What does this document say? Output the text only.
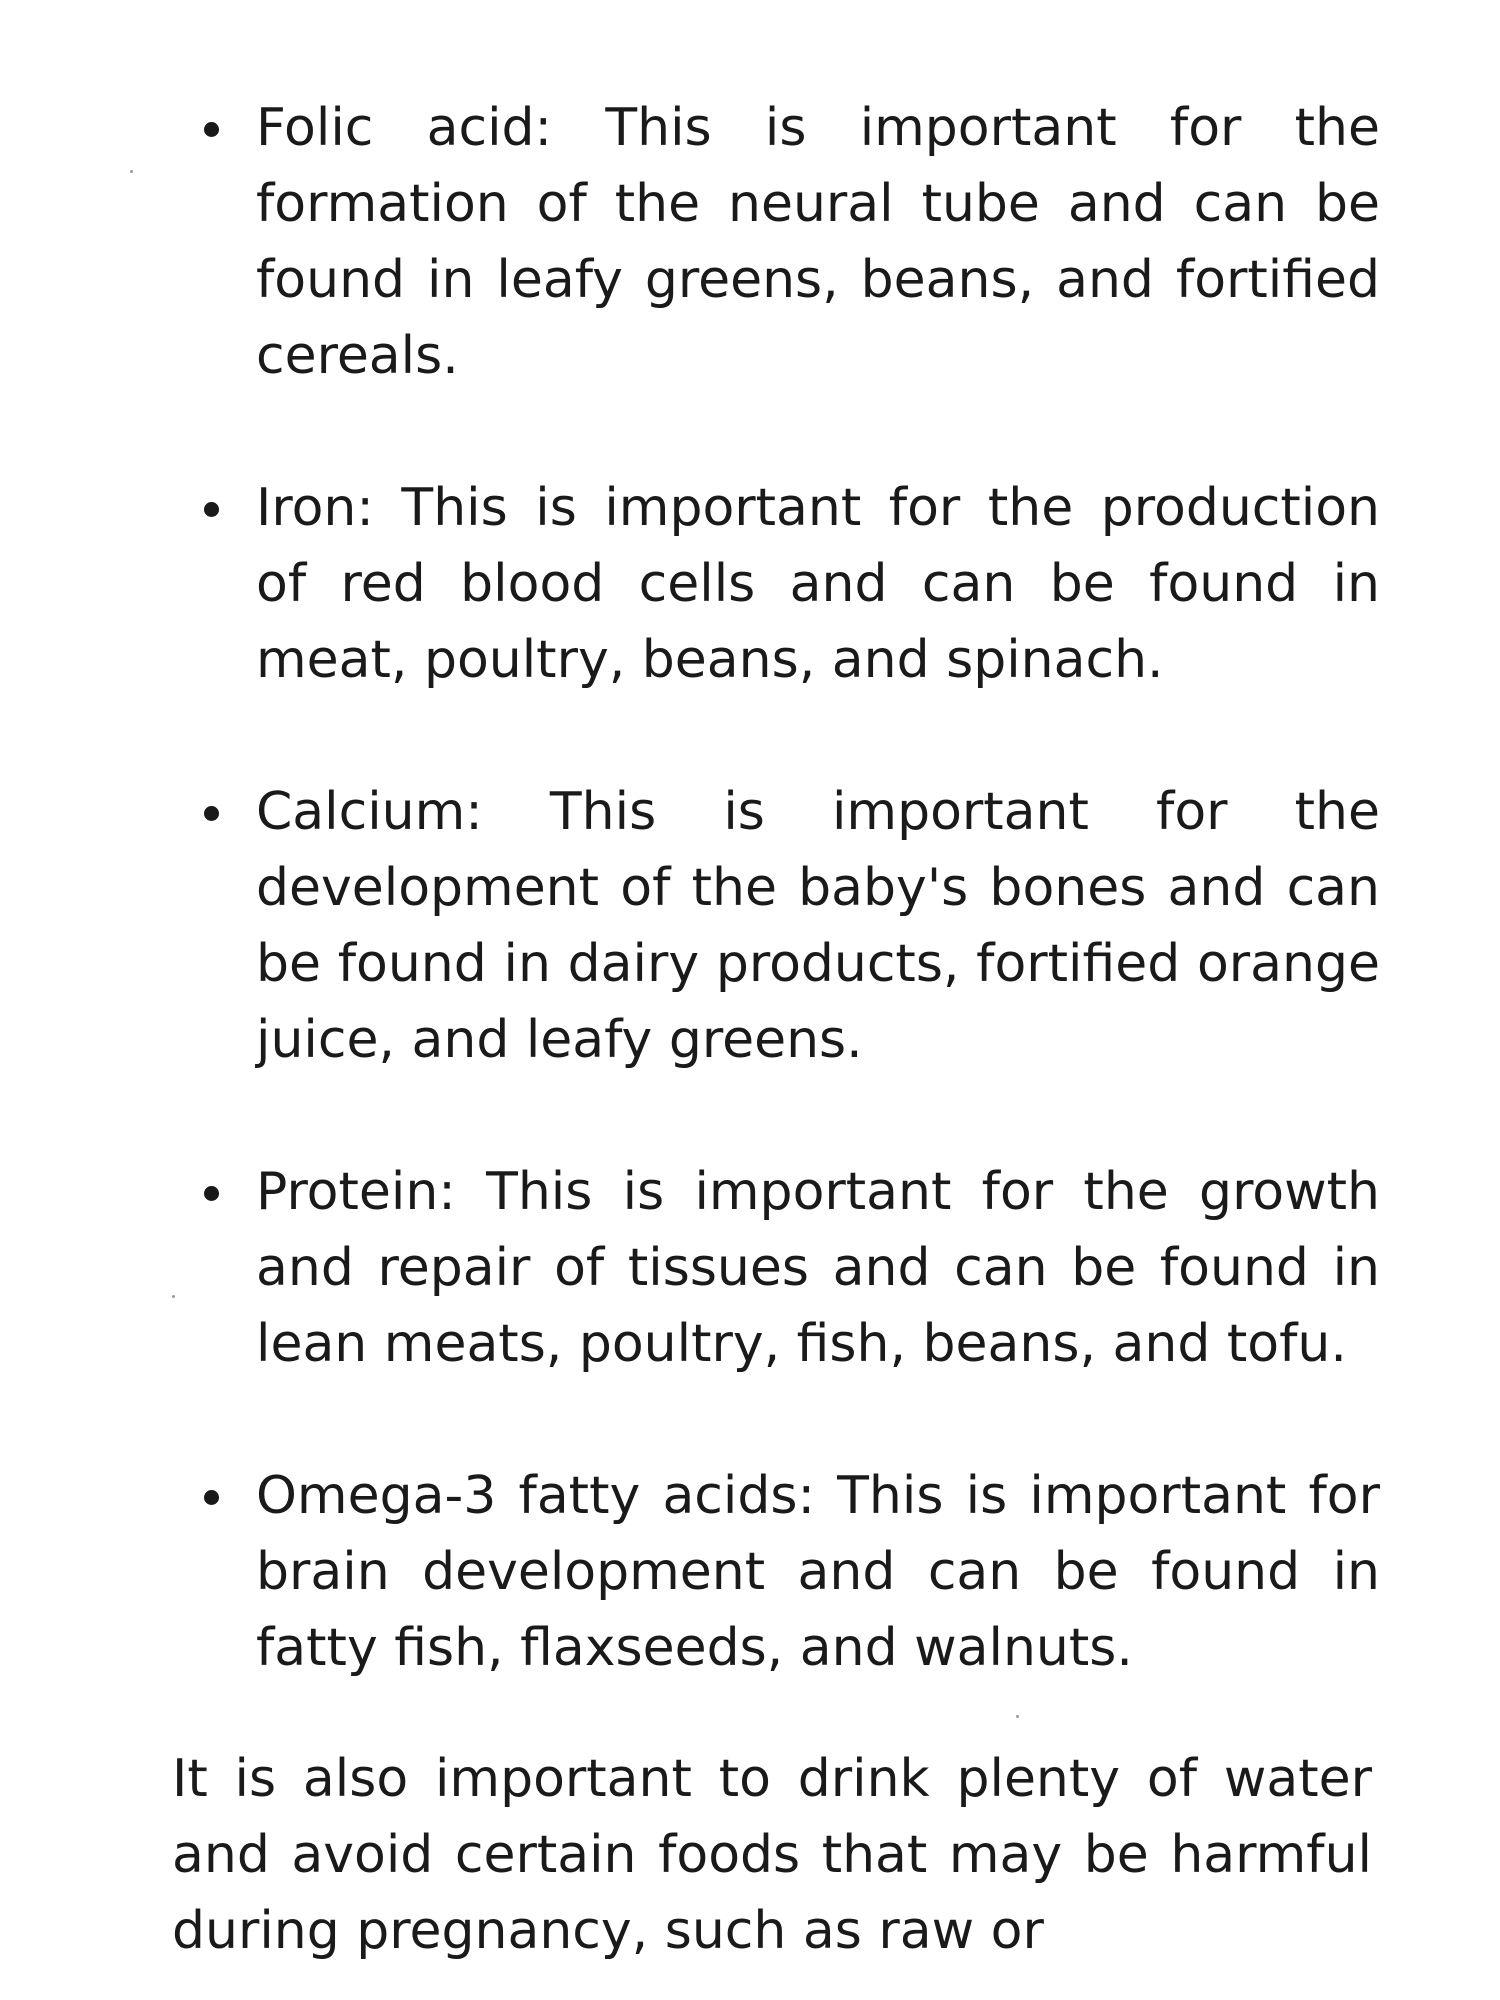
Folic acid: This is important for the formation of the neural tube and can be found in leafy greens, beans, and fortified cereals.
Iron: This is important for the production of red blood cells and can be found in meat, poultry, beans, and spinach.
Calcium: This is important for the development of the baby's bones and can be found in dairy products, fortified orange juice, and leafy greens.
Protein: This is important for the growth and repair of tissues and can be found in lean meats, poultry, fish, beans, and tofu.
Omega-3 fatty acids: This is important for brain development and can be found in fatty fish, flaxseeds, and walnuts.

It is also important to drink plenty of water and avoid certain foods that may be harmful during pregnancy, such as raw or
